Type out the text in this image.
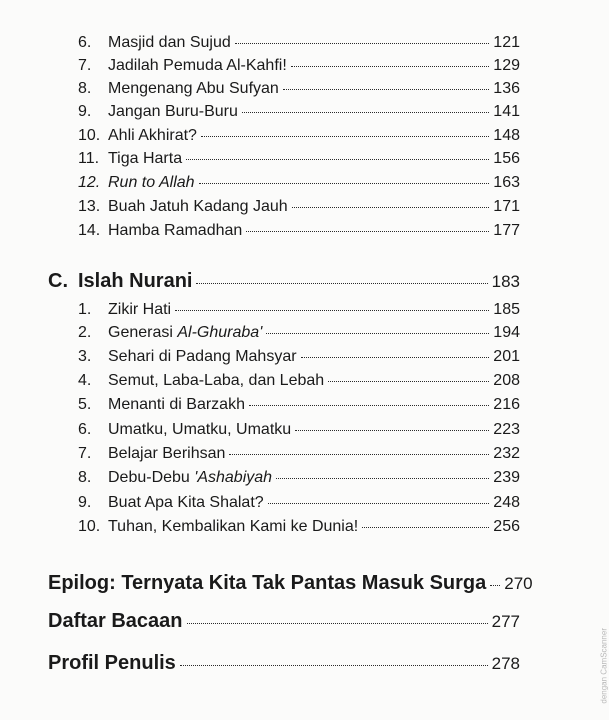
6.	Masjid dan Sujud	121
7.	Jadilah Pemuda Al-Kahfi!	129
8.	Mengenang Abu Sufyan	136
9.	Jangan Buru-Buru	141
10. Ahli Akhirat?	148
11. Tiga Harta	156
12. Run to Allah	163
13. Buah Jatuh Kadang Jauh	171
14. Hamba Ramadhan	177
C. Islah Nurani	183
1.	Zikir Hati	185
2.	Generasi Al-Ghuraba'	194
3.	Sehari di Padang Mahsyar	201
4.	Semut, Laba-Laba, dan Lebah	208
5.	Menanti di Barzakh	216
6.	Umatku, Umatku, Umatku	223
7.	Belajar Berihsan	232
8.	Debu-Debu 'Ashabiyah	239
9.	Buat Apa Kita Shalat?	248
10. Tuhan, Kembalikan Kami ke Dunia!	256
Epilog: Ternyata Kita Tak Pantas Masuk Surga 270
Daftar Bacaan	277
Profil Penulis	278	dengan CamScanner
